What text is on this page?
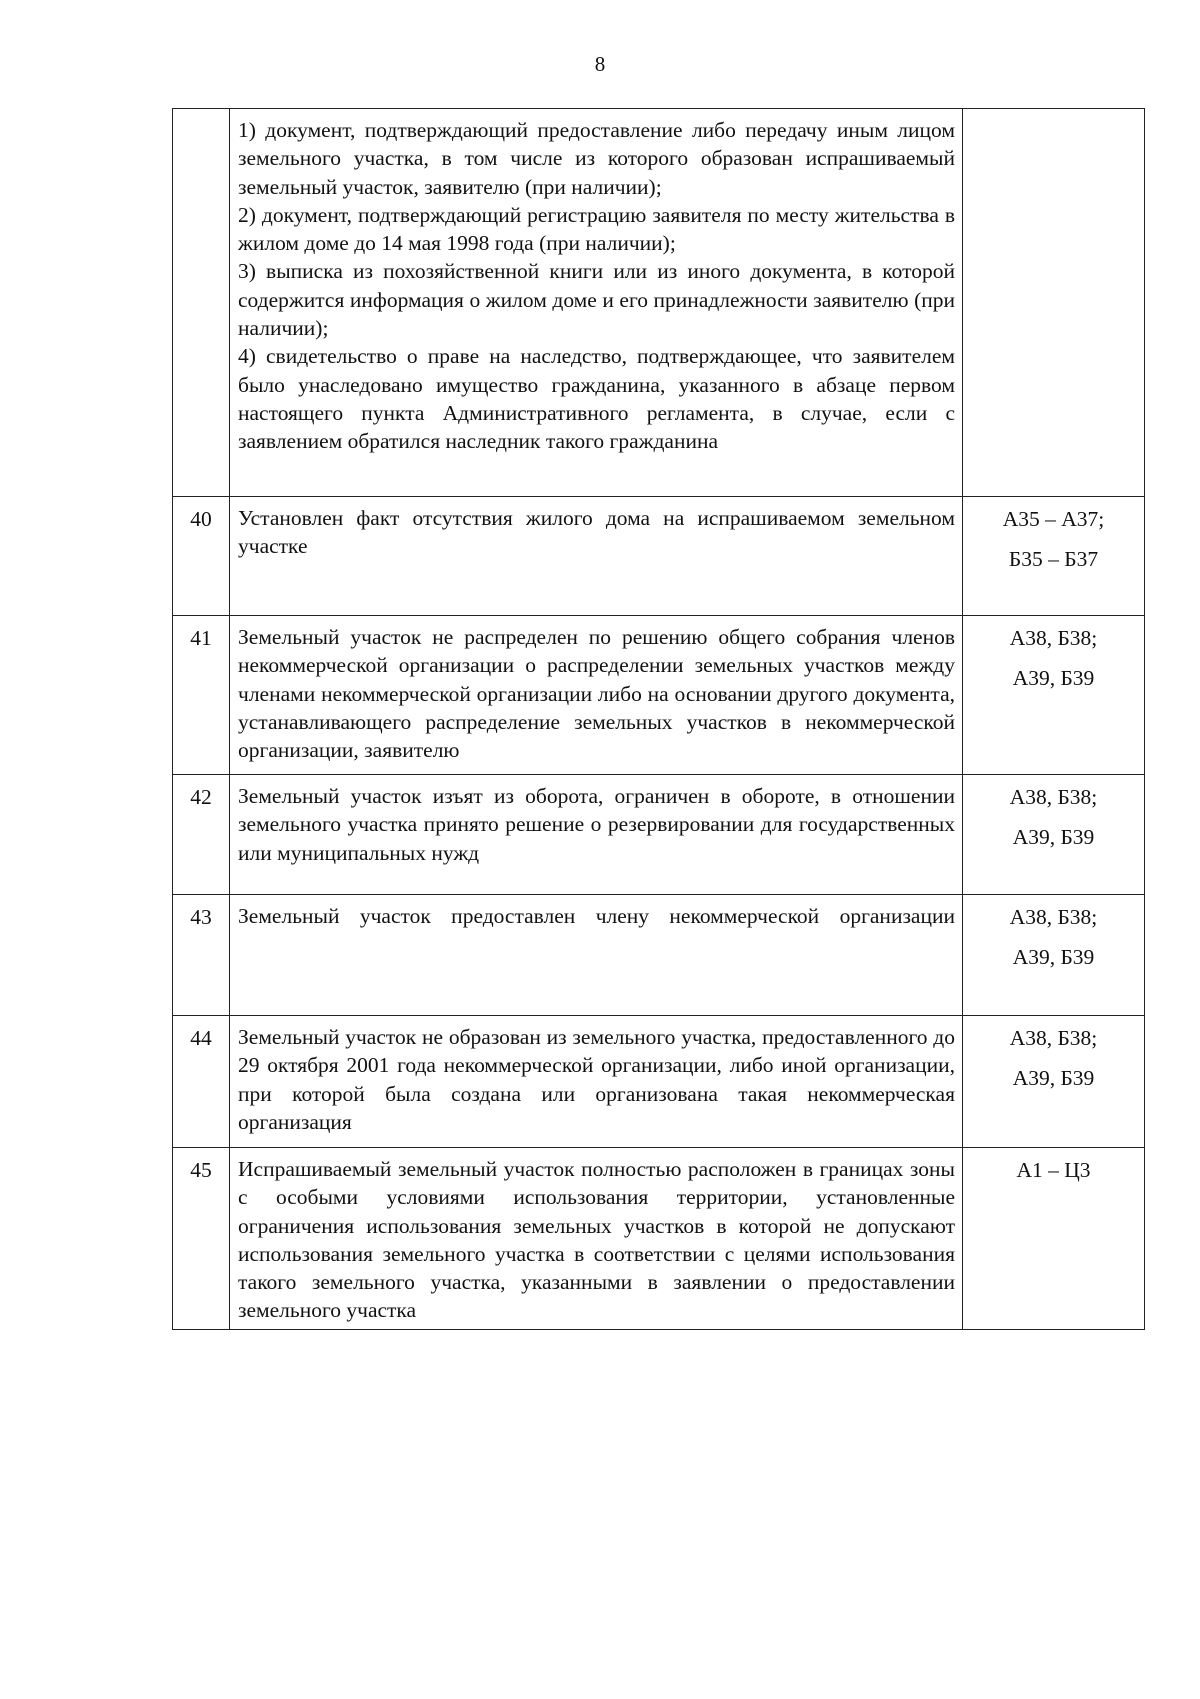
8

	1) документ, подтверждающий предоставление либо передачу иным лицом земельного участка, в том числе из которого образован испрашиваемый земельный участок, заявителю (при наличии);

2) документ, подтверждающий регистрацию заявителя по месту жительства в жилом доме до 14 мая 1998 года (при наличии);

3) выписка из похозяйственной книги или из иного документа, в которой содержится информация о жилом доме и его принадлежности заявителю (при наличии);

4) свидетельство о праве на наследство, подтверждающее, что заявителем было унаследовано имущество гражданина, указанного в абзаце первом настоящего пункта Административного регламента, в случае, если с заявлением обратился наследник такого гражданина	

40	Установлен факт отсутствия жилого дома на испрашиваемом земельном участке	А35 – А37;
Б35 – Б37

41	Земельный участок не распределен по решению общего собрания членов некоммерческой организации о распределении земельных участков между членами некоммерческой организации либо на основании другого документа, устанавливающего распределение земельных участков в некоммерческой организации, заявителю	А38, Б38;
А39, Б39

42	Земельный участок изъят из оборота, ограничен в обороте, в отношении земельного участка принято решение о резервировании для государственных или муниципальных нужд	А38, Б38;
А39, Б39

43	Земельный участок предоставлен члену некоммерческой организации	А38, Б38;
А39, Б39

44	Земельный участок не образован из земельного участка, предоставленного до 29 октября 2001 года некоммерческой организации, либо иной организации, при которой была создана или организована такая некоммерческая организация	А38, Б38;
А39, Б39

45	Испрашиваемый земельный участок полностью расположен в границах зоны с особыми условиями использования территории, установленные ограничения использования земельных участков в которой не допускают использования земельного участка в соответствии с целями использования такого земельного участка, указанными в заявлении о предоставлении земельного участка	А1 – Ц3
